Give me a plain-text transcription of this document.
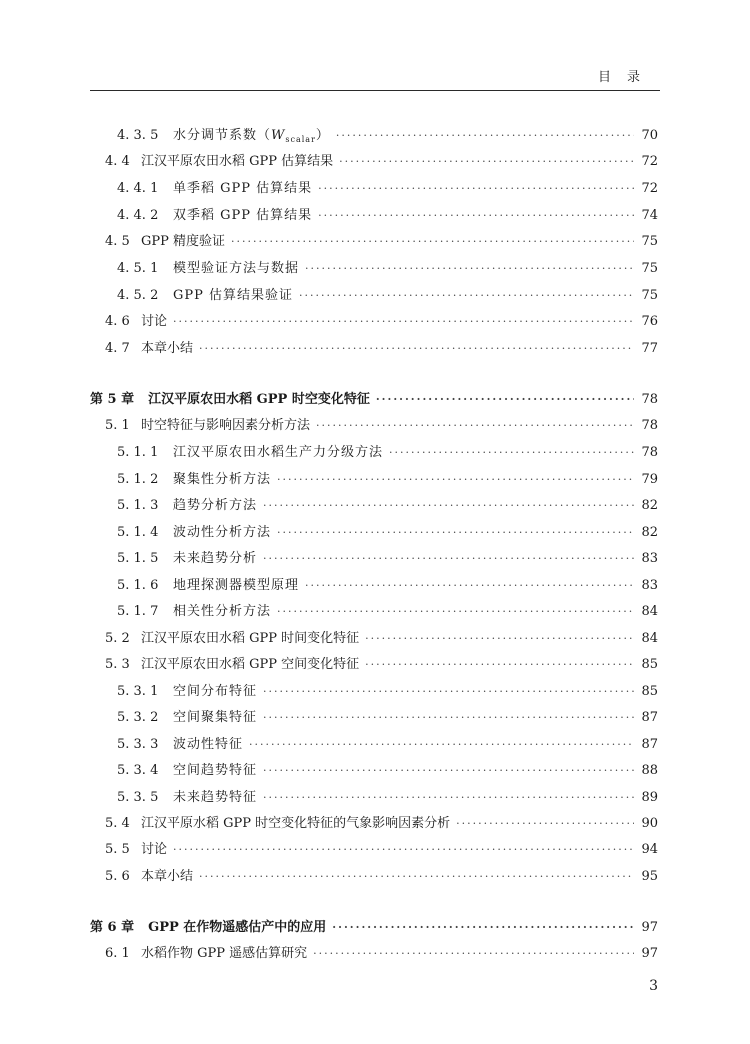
目录
4. 3. 5	水分调节系数$(W_{scalar})$ ·····	70
4. 4 江汉平原农田水稻 GPP 估算结果 ·····	72
4. 4. 1	单季稻 GPP 估算结果 ·····	72
4. 4. 2	双季稻 GPP 估算结果 ·····	74
4. 5 GPP 精度验证 ·····	75
4. 5. 1	模型验证方法与数据 ·····	75
4. 5. 2	GPP 估算结果验证 ·····	75
4. 6 讨论 ·····	76
4. 7 本章小结 ·····	77
第 5 章 江汉平原农田水稻 GPP 时空变化特征 ·····	78
5. 1 时空特征与影响因素分析方法 ·····	78
5. 1. 1	江汉平原农田水稻生产力分级方法 ·····	78
5. 1. 2	聚集性分析方法 ·····	79
5. 1. 3	趋势分析方法 ·····	82
5. 1. 4	波动性分析方法 ·····	82
5. 1. 5	未来趋势分析 ·····	83
5. 1. 6	地理探测器模型原理 ·····	83
5. 1. 7	相关性分析方法 ·····	84
5. 2 江汉平原农田水稻 GPP 时间变化特征 ·····	84
5. 3 江汉平原农田水稻 GPP 空间变化特征 ·····	85
5. 3. 1	空间分布特征 ·····	85
5. 3. 2	空间聚集特征 ·····	87
5. 3. 3	波动性特征 ·····	87
5. 3. 4	空间趋势特征 ·····	88
5. 3. 5	未来趋势特征 ·····	89
5. 4 江汉平原水稻 GPP 时空变化特征的气象影响因素分析 ·····	90
5. 5 讨论 ·····	94
5. 6 本章小结 ·····	95
第 6 章 GPP 在作物遥感估产中的应用 ·····	97
6. 1 水稻作物 GPP 遥感估算研究 ·····	97
3
